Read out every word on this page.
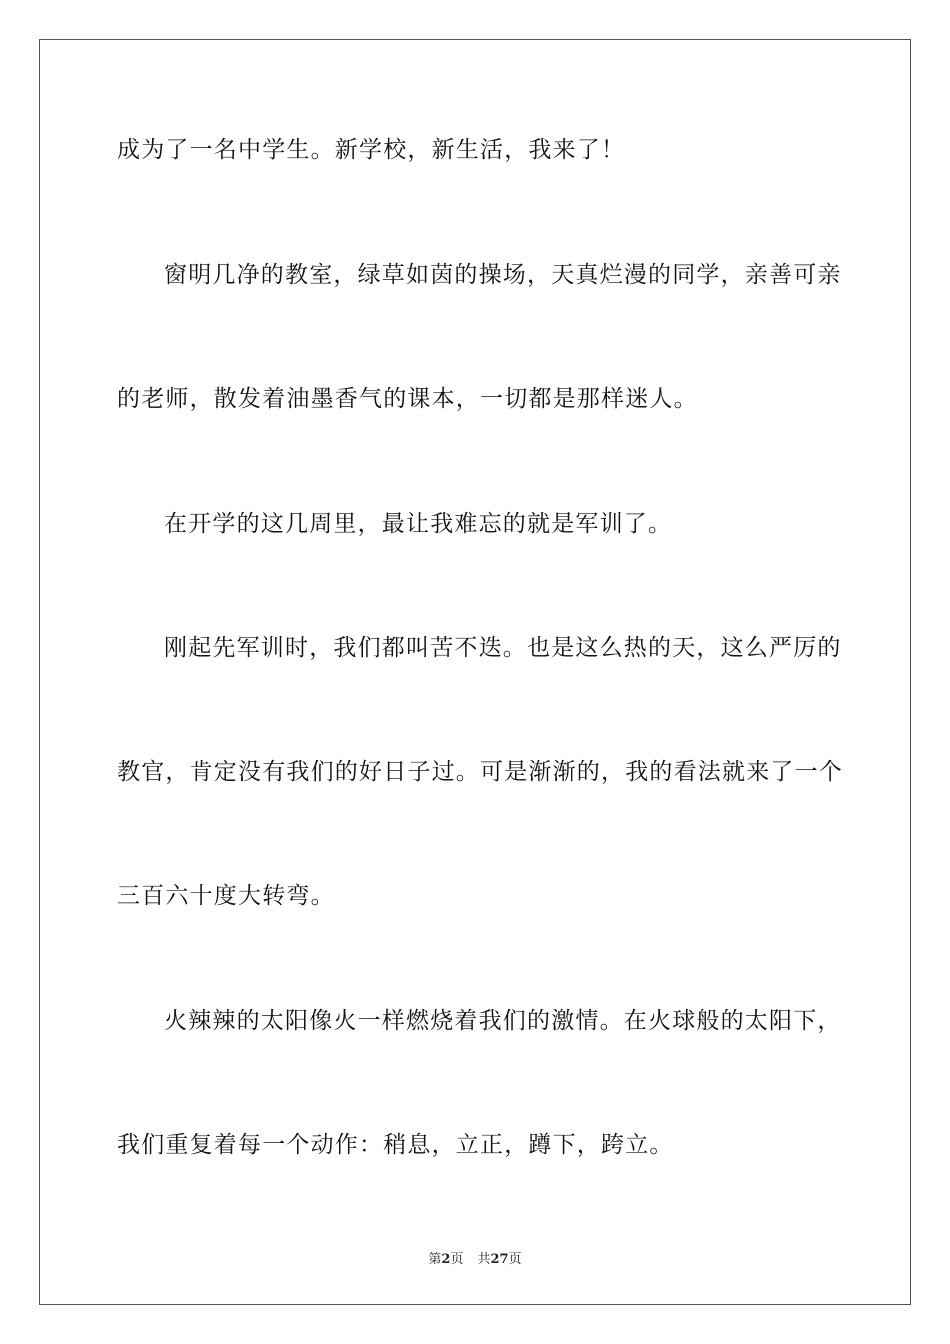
成为了一名中学生。新学校，新生活，我来了！
窗明几净的教室，绿草如茵的操场，天真烂漫的同学，亲善可亲
的老师，散发着油墨香气的课本，一切都是那样迷人。
在开学的这几周里，最让我难忘的就是军训了。
刚起先军训时，我们都叫苦不迭。也是这么热的天，这么严厉的
教官，肯定没有我们的好日子过。可是渐渐的，我的看法就来了一个
三百六十度大转弯。
火辣辣的太阳像火一样燃烧着我们的激情。在火球般的太阳下，
我们重复着每一个动作：稍息，立正，蹲下，跨立。
第2页 共27页
